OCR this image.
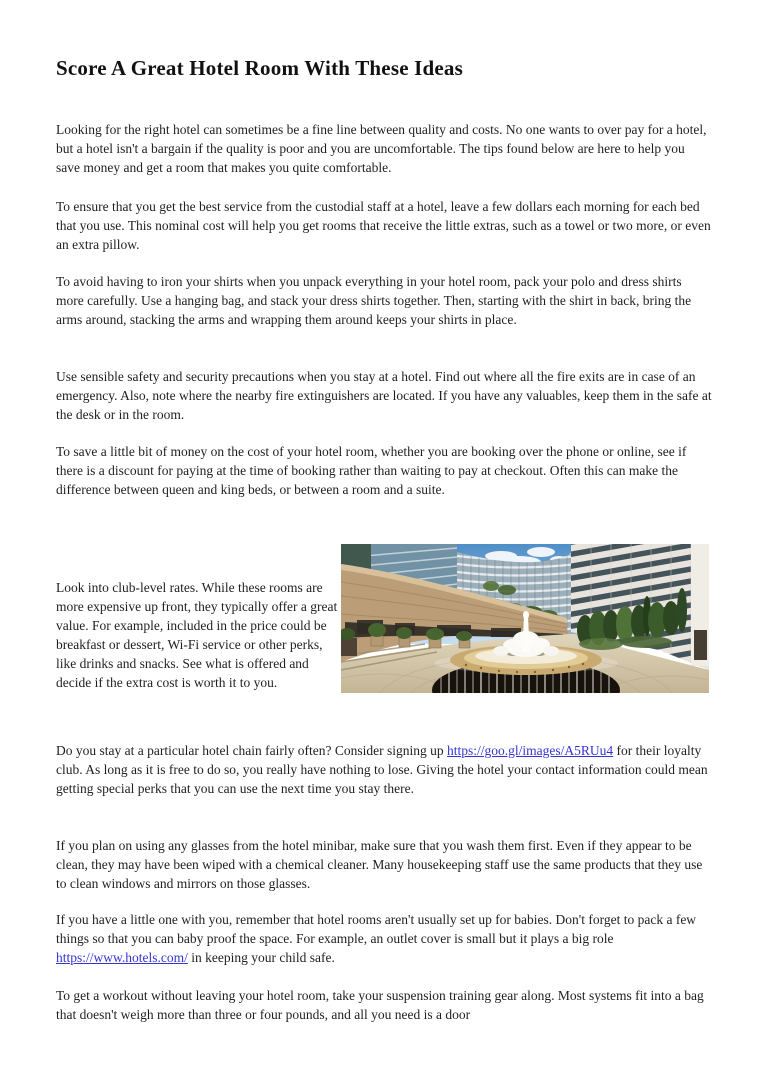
Score A Great Hotel Room With These Ideas

Looking for the right hotel can sometimes be a fine line between quality and costs. No one wants to over pay for a hotel, but a hotel isn't a bargain if the quality is poor and you are uncomfortable. The tips found below are here to help you save money and get a room that makes you quite comfortable.

To ensure that you get the best service from the custodial staff at a hotel, leave a few dollars each morning for each bed that you use. This nominal cost will help you get rooms that receive the little extras, such as a towel or two more, or even an extra pillow.

To avoid having to iron your shirts when you unpack everything in your hotel room, pack your polo and dress shirts more carefully. Use a hanging bag, and stack your dress shirts together. Then, starting with the shirt in back, bring the arms around, stacking the arms and wrapping them around keeps your shirts in place.

Use sensible safety and security precautions when you stay at a hotel. Find out where all the fire exits are in case of an emergency. Also, note where the nearby fire extinguishers are located. If you have any valuables, keep them in the safe at the desk or in the room.

To save a little bit of money on the cost of your hotel room, whether you are booking over the phone or online, see if there is a discount for paying at the time of booking rather than waiting to pay at checkout. Often this can make the difference between queen and king beds, or between a room and a suite.

Look into club-level rates. While these rooms are more expensive up front, they typically offer a great value. For example, included in the price could be breakfast or dessert, Wi-Fi service or other perks, like drinks and snacks. See what is offered and decide if the extra cost is worth it to you.

Do you stay at a particular hotel chain fairly often? Consider signing up https://goo.gl/images/A5RUu4 for their loyalty club. As long as it is free to do so, you really have nothing to lose. Giving the hotel your contact information could mean getting special perks that you can use the next time you stay there.

If you plan on using any glasses from the hotel minibar, make sure that you wash them first. Even if they appear to be clean, they may have been wiped with a chemical cleaner. Many housekeeping staff use the same products that they use to clean windows and mirrors on those glasses.

If you have a little one with you, remember that hotel rooms aren't usually set up for babies. Don't forget to pack a few things so that you can baby proof the space. For example, an outlet cover is small but it plays a big role https://www.hotels.com/ in keeping your child safe.

To get a workout without leaving your hotel room, take your suspension training gear along. Most systems fit into a bag that doesn't weigh more than three or four pounds, and all you need is a door
